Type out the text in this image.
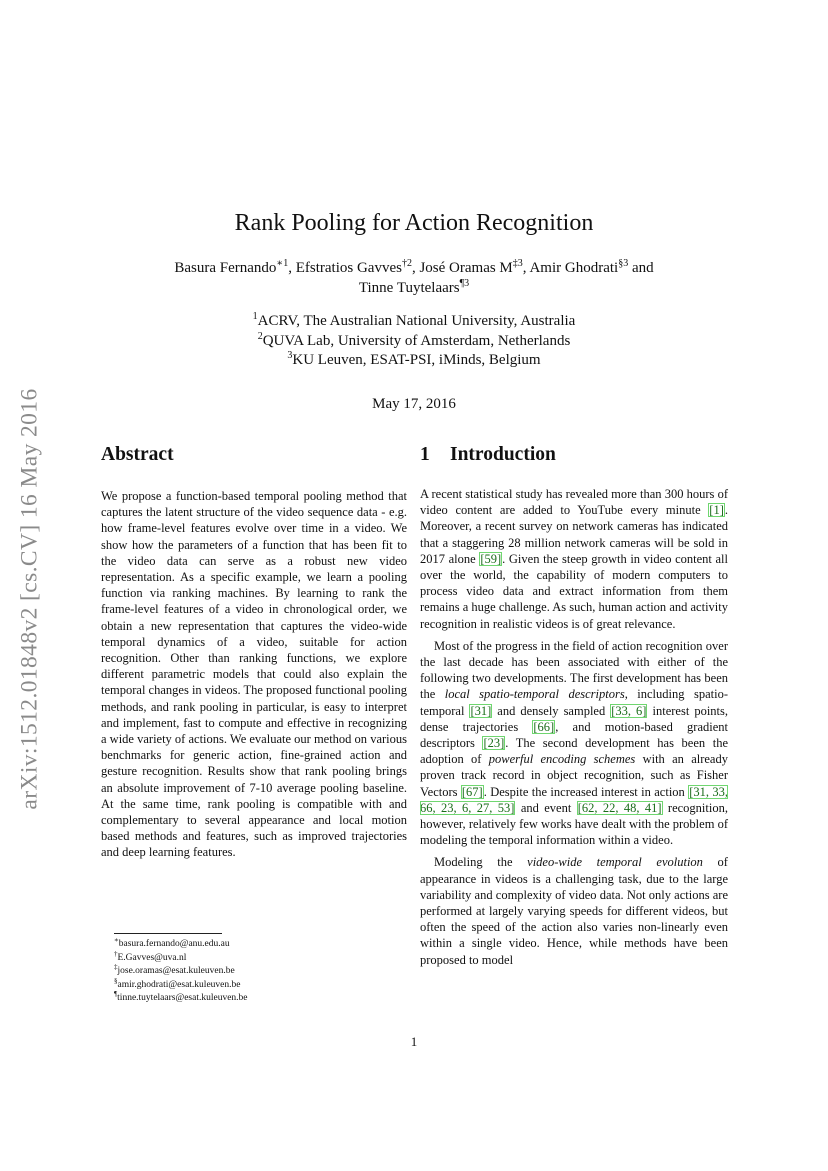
arXiv:1512.01848v2 [cs.CV] 16 May 2016
Rank Pooling for Action Recognition
Basura Fernando$^{∗1}$, Efstratios Gavves$^{\dagger 2}$, José Oramas $M^{\ddagger 3}$, Amir Ghodrati$^{\S 3}$ and
Tinne Tuytelaars$^{\P 3}$
$^1$ACRV, The Australian National University, Australia
$^2$QUVA Lab, University of Amsterdam, Netherlands
$^3$KU Leuven, ESAT-PSI, iMinds, Belgium
May 17, 2016
Abstract	1 Introduction
We propose a function-based temporal pooling method that captures the latent structure of the video sequence data - e.g. how frame-level features evolve over time in a video. We show how the parameters of a function that has been fit to the video data can serve as a robust new video representation. As a specific example, we learn a pooling function via ranking machines. By learning to rank the frame-level features of a video in chronological order, we obtain a new representation that captures the video-wide temporal dynamics of a video, suitable for action recognition. Other than ranking functions, we explore different parametric models that could also explain the temporal changes in videos. The proposed functional pooling methods, and rank pooling in particular, is easy to interpret and implement, fast to compute and effective in recognizing a wide variety of actions. We evaluate our method on various benchmarks for generic action, fine-grained action and gesture recognition. Results show that rank pooling brings an absolute improvement of 7-10 average pooling baseline. At the same time, rank pooling is compatible with and complementary to several appearance and local motion based methods and features, such as improved trajectories and deep learning features.

A recent statistical study has revealed more than 300 hours of video content are added to YouTube every minute [1]. Moreover, a recent survey on network cameras has indicated that a staggering 28 million network cameras will be sold in 2017 alone [59]. Given the steep growth in video content all over the world, the capability of modern computers to process video data and extract information from them remains a huge challenge. As such, human action and activity recognition in realistic videos is of great relevance.

Most of the progress in the field of action recognition over the last decade has been associated with either of the following two developments. The first development has been the local spatio-temporal descriptors, including spatio-temporal [31] and densely sampled [33, 6] interest points, dense trajectories [66], and motion-based gradient descriptors [23]. The second development has been the adoption of powerful encoding schemes with an already proven track record in object recognition, such as Fisher Vectors [67]. Despite the increased interest in action [31, 33, 66, 23, 6, 27, 53] and event [62, 22, 48, 41] recognition, however, relatively few works have dealt with the problem of modeling the temporal information within a video.

Modeling the video-wide temporal evolution of appearance in videos is a challenging task, due to the large variability and complexity of video data. Not only actions are performed at largely varying speeds for different videos, but often the speed of the action also varies non-linearly even within a single video. Hence, while methods have been proposed to model

∗basura.fernando@anu.edu.au
†E.Gavves@uva.nl
‡jose.oramas@esat.kuleuven.be
§amir.ghodrati@esat.kuleuven.be
¶tinne.tuytelaars@esat.kuleuven.be
1
